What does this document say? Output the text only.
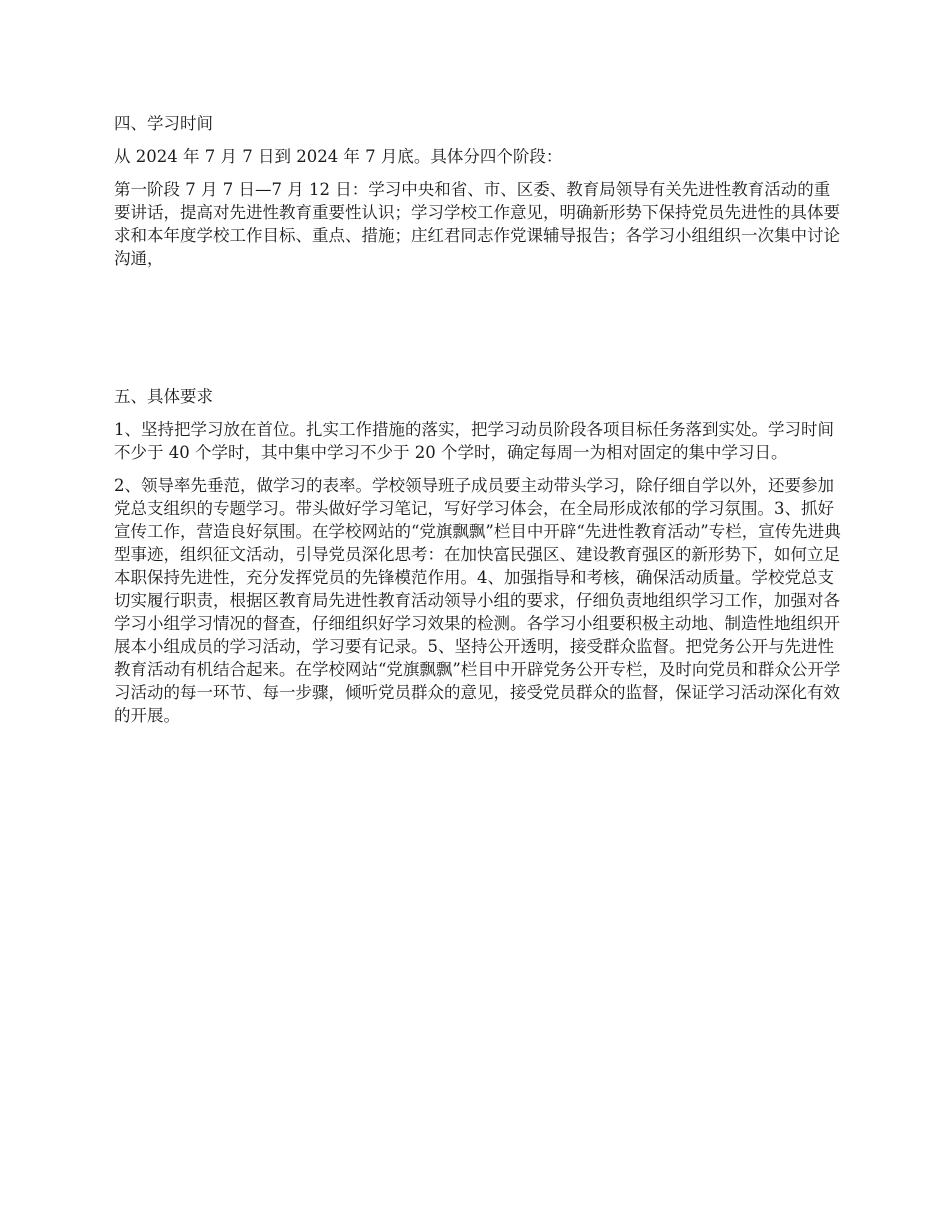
四、学习时间

从 2024 年 7 月 7 日到 2024 年 7 月底。具体分四个阶段：

第一阶段 7 月 7 日—7 月 12 日：学习中央和省、市、区委、教育局领导有关先进性教育活动的重要讲话，提高对先进性教育重要性认识；学习学校工作意见，明确新形势下保持党员先进性的具体要求和本年度学校工作目标、重点、措施；庄红君同志作党课辅导报告；各学习小组组织一次集中讨论沟通，

五、具体要求

1、坚持把学习放在首位。扎实工作措施的落实，把学习动员阶段各项目标任务落到实处。学习时间不少于 40 个学时，其中集中学习不少于 20 个学时，确定每周一为相对固定的集中学习日。

2、领导率先垂范，做学习的表率。学校领导班子成员要主动带头学习，除仔细自学以外，还要参加党总支组织的专题学习。带头做好学习笔记，写好学习体会，在全局形成浓郁的学习氛围。3、抓好宣传工作，营造良好氛围。在学校网站的“党旗飘飘”栏目中开辟“先进性教育活动”专栏，宣传先进典型事迹，组织征文活动，引导党员深化思考：在加快富民强区、建设教育强区的新形势下，如何立足本职保持先进性，充分发挥党员的先锋模范作用。4、加强指导和考核，确保活动质量。学校党总支切实履行职责，根据区教育局先进性教育活动领导小组的要求，仔细负责地组织学习工作，加强对各学习小组学习情况的督查，仔细组织好学习效果的检测。各学习小组要积极主动地、制造性地组织开展本小组成员的学习活动，学习要有记录。5、坚持公开透明，接受群众监督。把党务公开与先进性教育活动有机结合起来。在学校网站“党旗飘飘”栏目中开辟党务公开专栏，及时向党员和群众公开学习活动的每一环节、每一步骤，倾听党员群众的意见，接受党员群众的监督，保证学习活动深化有效的开展。
